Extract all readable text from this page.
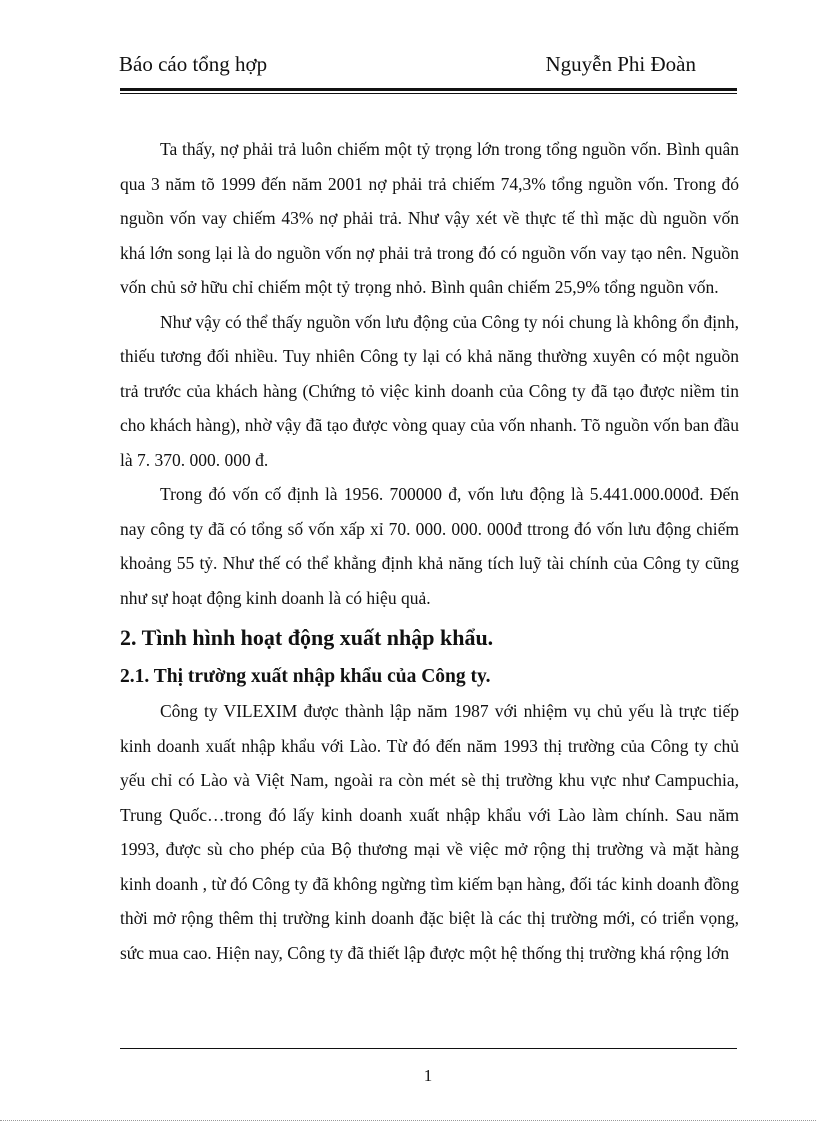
Báo cáo tổng hợp	Nguyễn Phi Đoàn

Ta thấy, nợ phải trả luôn chiếm một tỷ trọng lớn trong tổng nguồn vốn. Bình quân qua 3 năm tõ 1999 đến năm 2001 nợ phải trả chiếm 74,3% tổng nguồn vốn. Trong đó nguồn vốn vay chiếm 43% nợ phải trả. Như vậy xét về thực tế thì mặc dù nguồn vốn khá lớn song lại là do nguồn vốn nợ phải trả trong đó có nguồn vốn vay tạo nên. Nguồn vốn chủ sở hữu chỉ chiếm một tỷ trọng nhỏ. Bình quân chiếm 25,9% tổng nguồn vốn.

Như vậy có thể thấy nguồn vốn lưu động của Công ty nói chung là không ổn định, thiếu tương đối nhiều. Tuy nhiên Công ty lại có khả năng thường xuyên có một nguồn trả trước của khách hàng (Chứng tỏ việc kinh doanh của Công ty đã tạo được niềm tin cho khách hàng), nhờ vậy đã tạo được vòng quay của vốn nhanh. Tõ nguồn vốn ban đầu là 7. 370. 000. 000 đ.

Trong đó vốn cố định là 1956. 700000 đ, vốn lưu động là 5.441.000.000đ. Đến nay công ty đã có tổng số vốn xấp xỉ 70. 000. 000. 000đ ttrong đó vốn lưu động chiếm khoảng 55 tỷ. Như thế có thể khẳng định khả năng tích luỹ tài chính của Công ty cũng như sự hoạt động kinh doanh là có hiệu quả.

2. Tình hình hoạt động xuất nhập khẩu.
2.1. Thị trường xuất nhập khẩu của Công ty.

Công ty VILEXIM được thành lập năm 1987 với nhiệm vụ chủ yếu là trực tiếp kinh doanh xuất nhập khẩu với Lào. Từ đó đến năm 1993 thị trường của Công ty chủ yếu chỉ có Lào và Việt Nam, ngoài ra còn mét sè thị trường khu vực như Campuchia, Trung Quốc…trong đó lấy kinh doanh xuất nhập khẩu với Lào làm chính. Sau năm 1993, được sù cho phép của Bộ thương mại về việc mở rộng thị trường và mặt hàng kinh doanh , từ đó Công ty đã không ngừng tìm kiếm bạn hàng, đối tác kinh doanh đồng thời mở rộng thêm thị trường kinh doanh đặc biệt là các thị trường mới, có triển vọng, sức mua cao. Hiện nay, Công ty đã thiết lập được một hệ thống thị trường khá rộng lớn

1
